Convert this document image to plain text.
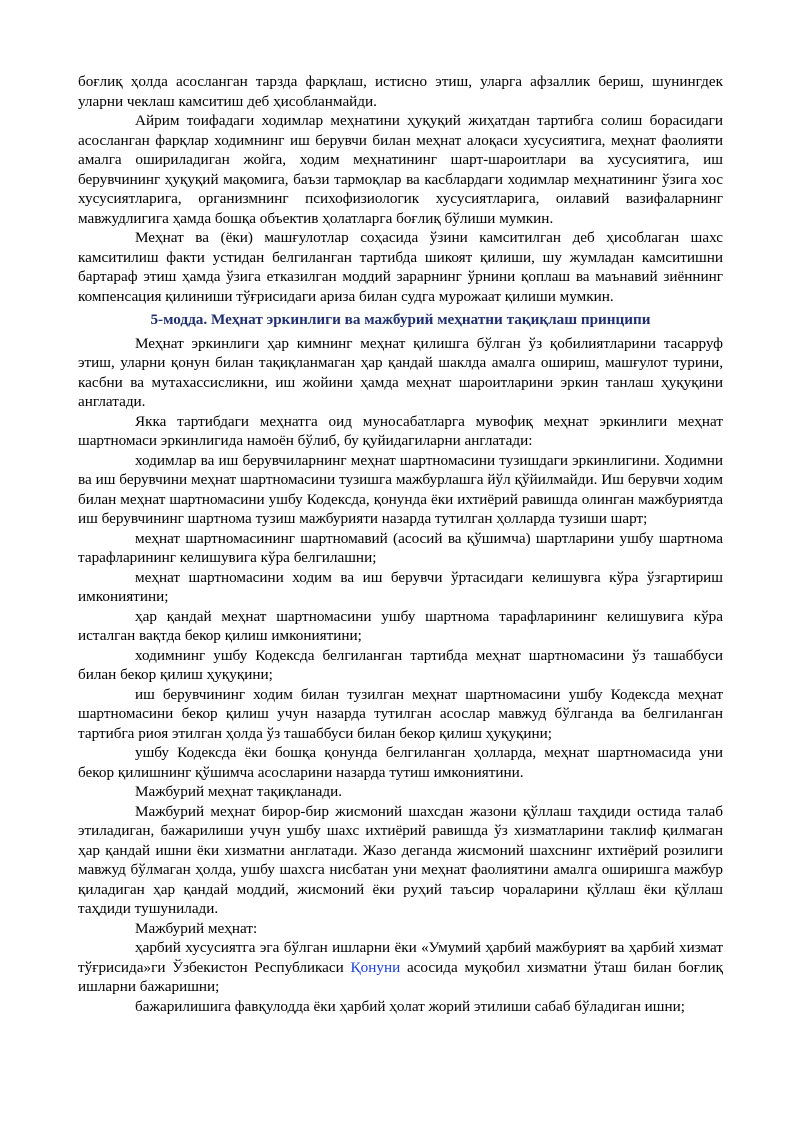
боғлиқ ҳолда асосланган тарзда фарқлаш, истисно этиш, уларга афзаллик бериш, шунингдек уларни чеклаш камситиш деб ҳисобланмайди.

Айрим тоифадаги ходимлар меҳнатини ҳуқуқий жиҳатдан тартибга солиш борасидаги асосланган фарқлар ходимнинг иш берувчи билан меҳнат алоқаси хусусиятига, меҳнат фаолияти амалга ошириладиган жойга, ходим меҳнатининг шарт-шароитлари ва хусусиятига, иш берувчининг ҳуқуқий мақомига, баъзи тармоқлар ва касблардаги ходимлар меҳнатининг ўзига хос хусусиятларига, организмнинг психофизиологик хусусиятларига, оилавий вазифаларнинг мавжудлигига ҳамда бошқа объектив ҳолатларга боғлиқ бўлиши мумкин.

Меҳнат ва (ёки) машғулотлар соҳасида ўзини камситилган деб ҳисоблаган шахс камситилиш факти устидан белгиланган тартибда шикоят қилиши, шу жумладан камситишни бартараф этиш ҳамда ўзига етказилган моддий зарарнинг ўрнини қоплаш ва маънавий зиённинг компенсация қилиниши тўғрисидаги ариза билан судга мурожаат қилиши мумкин.

5-модда. Меҳнат эркинлиги ва мажбурий меҳнатни тақиқлаш принципи

Меҳнат эркинлиги ҳар кимнинг меҳнат қилишга бўлган ўз қобилиятларини тасарруф этиш, уларни қонун билан тақиқланмаган ҳар қандай шаклда амалга ошириш, машғулот турини, касбни ва мутахассисликни, иш жойини ҳамда меҳнат шароитларини эркин танлаш ҳуқуқини англатади.

Якка тартибдаги меҳнатга оид муносабатларга мувофиқ меҳнат эркинлиги меҳнат шартномаси эркинлигида намоён бўлиб, бу қуйидагиларни англатади:

ходимлар ва иш берувчиларнинг меҳнат шартномасини тузишдаги эркинлигини. Ходимни ва иш берувчини меҳнат шартномасини тузишга мажбурлашга йўл қўйилмайди. Иш берувчи ходим билан меҳнат шартномасини ушбу Кодексда, қонунда ёки ихтиёрий равишда олинган мажбуриятда иш берувчининг шартнома тузиш мажбурияти назарда тутилган ҳолларда тузиши шарт;

меҳнат шартномасининг шартномавий (асосий ва қўшимча) шартларини ушбу шартнома тарафларининг келишувига кўра белгилашни;

меҳнат шартномасини ходим ва иш берувчи ўртасидаги келишувга кўра ўзгартириш имкониятини;

ҳар қандай меҳнат шартномасини ушбу шартнома тарафларининг келишувига кўра исталган вақтда бекор қилиш имкониятини;

ходимнинг ушбу Кодексда белгиланган тартибда меҳнат шартномасини ўз ташаббуси билан бекор қилиш ҳуқуқини;

иш берувчининг ходим билан тузилган меҳнат шартномасини ушбу Кодексда меҳнат шартномасини бекор қилиш учун назарда тутилган асослар мавжуд бўлганда ва белгиланган тартибга риоя этилган ҳолда ўз ташаббуси билан бекор қилиш ҳуқуқини;

ушбу Кодексда ёки бошқа қонунда белгиланган ҳолларда, меҳнат шартномасида уни бекор қилишнинг қўшимча асосларини назарда тутиш имкониятини.

Мажбурий меҳнат тақиқланади.

Мажбурий меҳнат бирор-бир жисмоний шахсдан жазони қўллаш таҳдиди остида талаб этиладиган, бажарилиши учун ушбу шахс ихтиёрий равишда ўз хизматларини таклиф қилмаган ҳар қандай ишни ёки хизматни англатади. Жазо деганда жисмоний шахснинг ихтиёрий розилиги мавжуд бўлмаган ҳолда, ушбу шахсга нисбатан уни меҳнат фаолиятини амалга оширишга мажбур қиладиган ҳар қандай моддий, жисмоний ёки руҳий таъсир чораларини қўллаш ёки қўллаш таҳдиди тушунилади.

Мажбурий меҳнат:

ҳарбий хусусиятга эга бўлган ишларни ёки «Умумий ҳарбий мажбурият ва ҳарбий хизмат тўғрисида»ги Ўзбекистон Республикаси Қонуни асосида муқобил хизматни ўташ билан боғлиқ ишларни бажаришни;

бажарилишига фавқулодда ёки ҳарбий ҳолат жорий этилиши сабаб бўладиган ишни;
